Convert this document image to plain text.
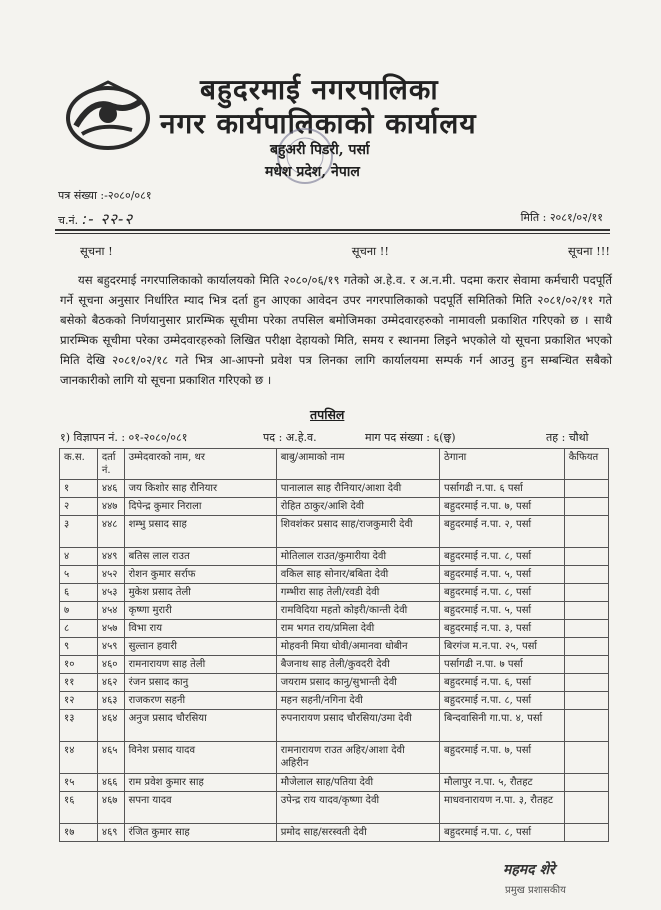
बहुदरमाई नगरपालिका
नगर कार्यपालिकाको कार्यालय
बहुअरी पिडरी, पर्सा
मधेश प्रदेश, नेपाल
पत्र संख्या :-२०८०/०८१
च.नं. :- २२-२	मिति : २०८१/०२/११
सूचना !	सूचना !!	सूचना !!!
यस बहुदरमाई नगरपालिकाको कार्यालयको मिति २०८०/०६/१९ गतेको अ.हे.व. र अ.न.मी. पदमा करार सेवामा कर्मचारी पदपूर्ति गर्ने सूचना अनुसार निर्धारित म्याद भित्र दर्ता हुन आएका आवेदन उपर नगरपालिकाको पदपूर्ति समितिको मिति २०८१/०२/११ गते बसेको बैठकको निर्णयानुसार प्रारम्भिक सूचीमा परेका तपसिल बमोजिमका उम्मेदवारहरुको नामावली प्रकाशित गरिएको छ । साथै प्रारम्भिक सूचीमा परेका उम्मेदवारहरुको लिखित परीक्षा देहायको मिति, समय र स्थानमा लिइने भएकोले यो सूचना प्रकाशित भएको मिति देखि २०८१/०२/१८ गते भित्र आ-आफ्नो प्रवेश पत्र लिनका लागि कार्यालयमा सम्पर्क गर्न आउनु हुन सम्बन्धित सबैको जानकारीको लागि यो सूचना प्रकाशित गरिएको छ ।
तपसिल
१) विज्ञापन नं. : ०१-२०८०/०८१	पद : अ.हे.व.	माग पद संख्या : ६(छ्व)	तह : चौथो
क.स.	दर्ता नं.	उम्मेदवारको नाम, थर	बाबु/आमाको नाम	ठेगाना	कैफियत
१	४४६	जय किशोर साह रौनियार	पानालाल साह रौनियार/आशा देवी	पर्सागढी न.पा. ६ पर्सा	
२	४४७	दिपेन्द्र कुमार निराला	रोहित ठाकुर/आशि देवी	बहुदरमाई न.पा. ७, पर्सा	
३	४४८	शम्भु प्रसाद साह	शिवशंकर प्रसाद साह/राजकुमारी देवी	बहुदरमाई न.पा. २, पर्सा	
४	४४९	बतिस लाल राउत	मोतिलाल राउत/कुमारीया देवी	बहुदरमाई न.पा. ८, पर्सा	
५	४५२	रोशन कुमार सर्राफ	वकिल साह सोनार/बबिता देवी	बहुदरमाई न.पा. ५, पर्सा	
६	४५३	मुकेश प्रसाद तेली	गम्भीरा साह तेली/रवडी देवी	बहुदरमाई न.पा. ८, पर्सा	
७	४५४	कृष्णा मुरारी	रामविदिया महतो कोइरी/कान्ती देवी	बहुदरमाई न.पा. ५, पर्सा	
८	४५७	विभा राय	राम भगत राय/प्रमिला देवी	बहुदरमाई न.पा. ३, पर्सा	
९	४५९	सुल्तान हवारी	मोहवनी मिया धोवी/अमानवा धोबीन	बिरगंज म.न.पा. २५, पर्सा	
१०	४६०	रामनारायण साह तेली	बैजनाथ साह तेली/कुवदरी देवी	पर्सागढी न.पा. ७ पर्सा	
११	४६२	रंजन प्रसाद कानु	जयराम प्रसाद कानु/सुभान्ती देवी	बहुदरमाई न.पा. ६, पर्सा	
१२	४६३	राजकरण सहनी	महन सहनी/नगिना देवी	बहुदरमाई न.पा. ८, पर्सा	
१३	४६४	अनुज प्रसाद चौरसिया	रुपनारायण प्रसाद चौरसिया/उमा देवी	बिन्दवासिनी गा.पा. ४, पर्सा	
१४	४६५	विनेश प्रसाद यादव	रामनारायण राउत अहिर/आशा देवी अहिरीन	बहुदरमाई न.पा. ७, पर्सा	
१५	४६६	राम प्रवेश कुमार साह	मौजेलाल साह/पतिया देवी	मौलापुर न.पा. ५, रौतहट	
१६	४६७	सपना यादव	उपेन्द्र राय यादव/कृष्णा देवी	माधवनारायण न.पा. ३, रौतहट	
१७	४६९	रंजित कुमार साह	प्रमोद साह/सरस्वती देवी	बहुदरमाई न.पा. ८, पर्सा	
महमद शेरे
प्रमुख प्रशासकीय
